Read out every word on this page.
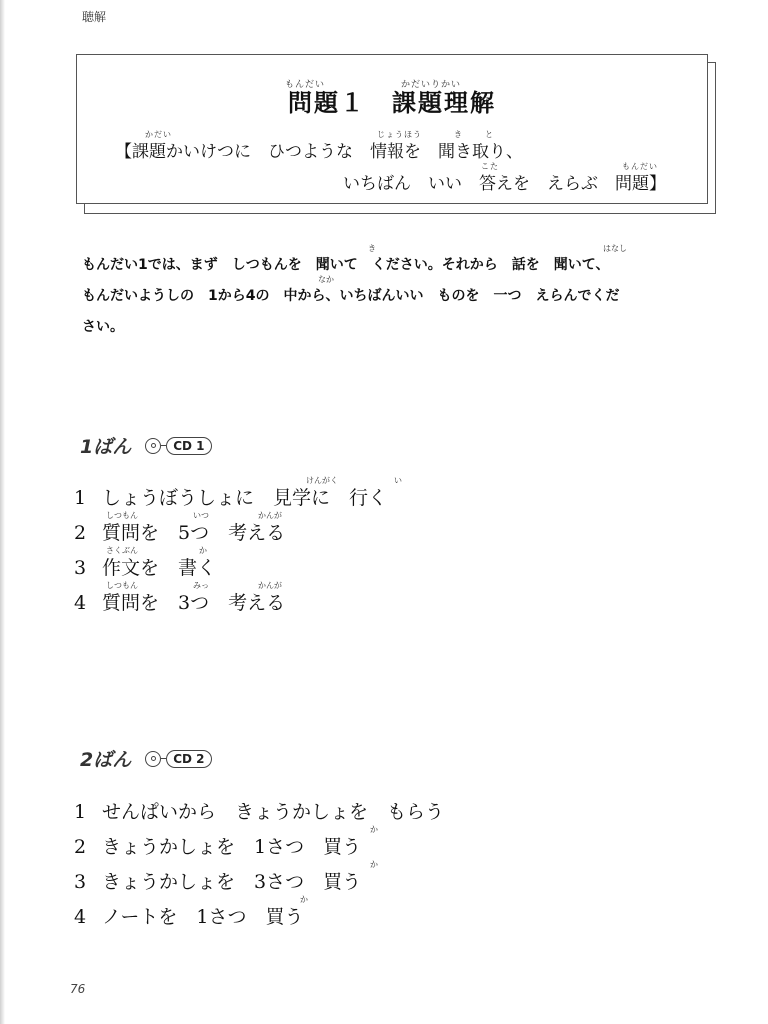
聴解
もんだい	かだいりかい
問題１　課題理解
かだい	じょうほう	き	と
【課題かいけつに　ひつような　情報を　聞き取り、
こた	もんだい
いちばん　いい　答えを　えらぶ　問題】
き	はなし
なか
もんだい1では、まず　しつもんを　聞いて　ください。それから　話を　聞いて、
もんだいようしの　1から4の　中から、いちばんいい　ものを　一つ　えらんでくだ
さい。
1ばん	CD 1
けんがく	い
1 しょうぼうしょに　見学に　行く
しつもん	いつ	かんが
2 質問を　5つ　考える
さくぶん	か
3 作文を　書く
しつもん	みっ	かんが
4 質問を　3つ　考える
2ばん	CD 2
1 せんぱいから　きょうかしょを　もらう
か
2 きょうかしょを　1さつ　買う
か
3 きょうかしょを　3さつ　買う
か
4 ノートを　1さつ　買う
76
